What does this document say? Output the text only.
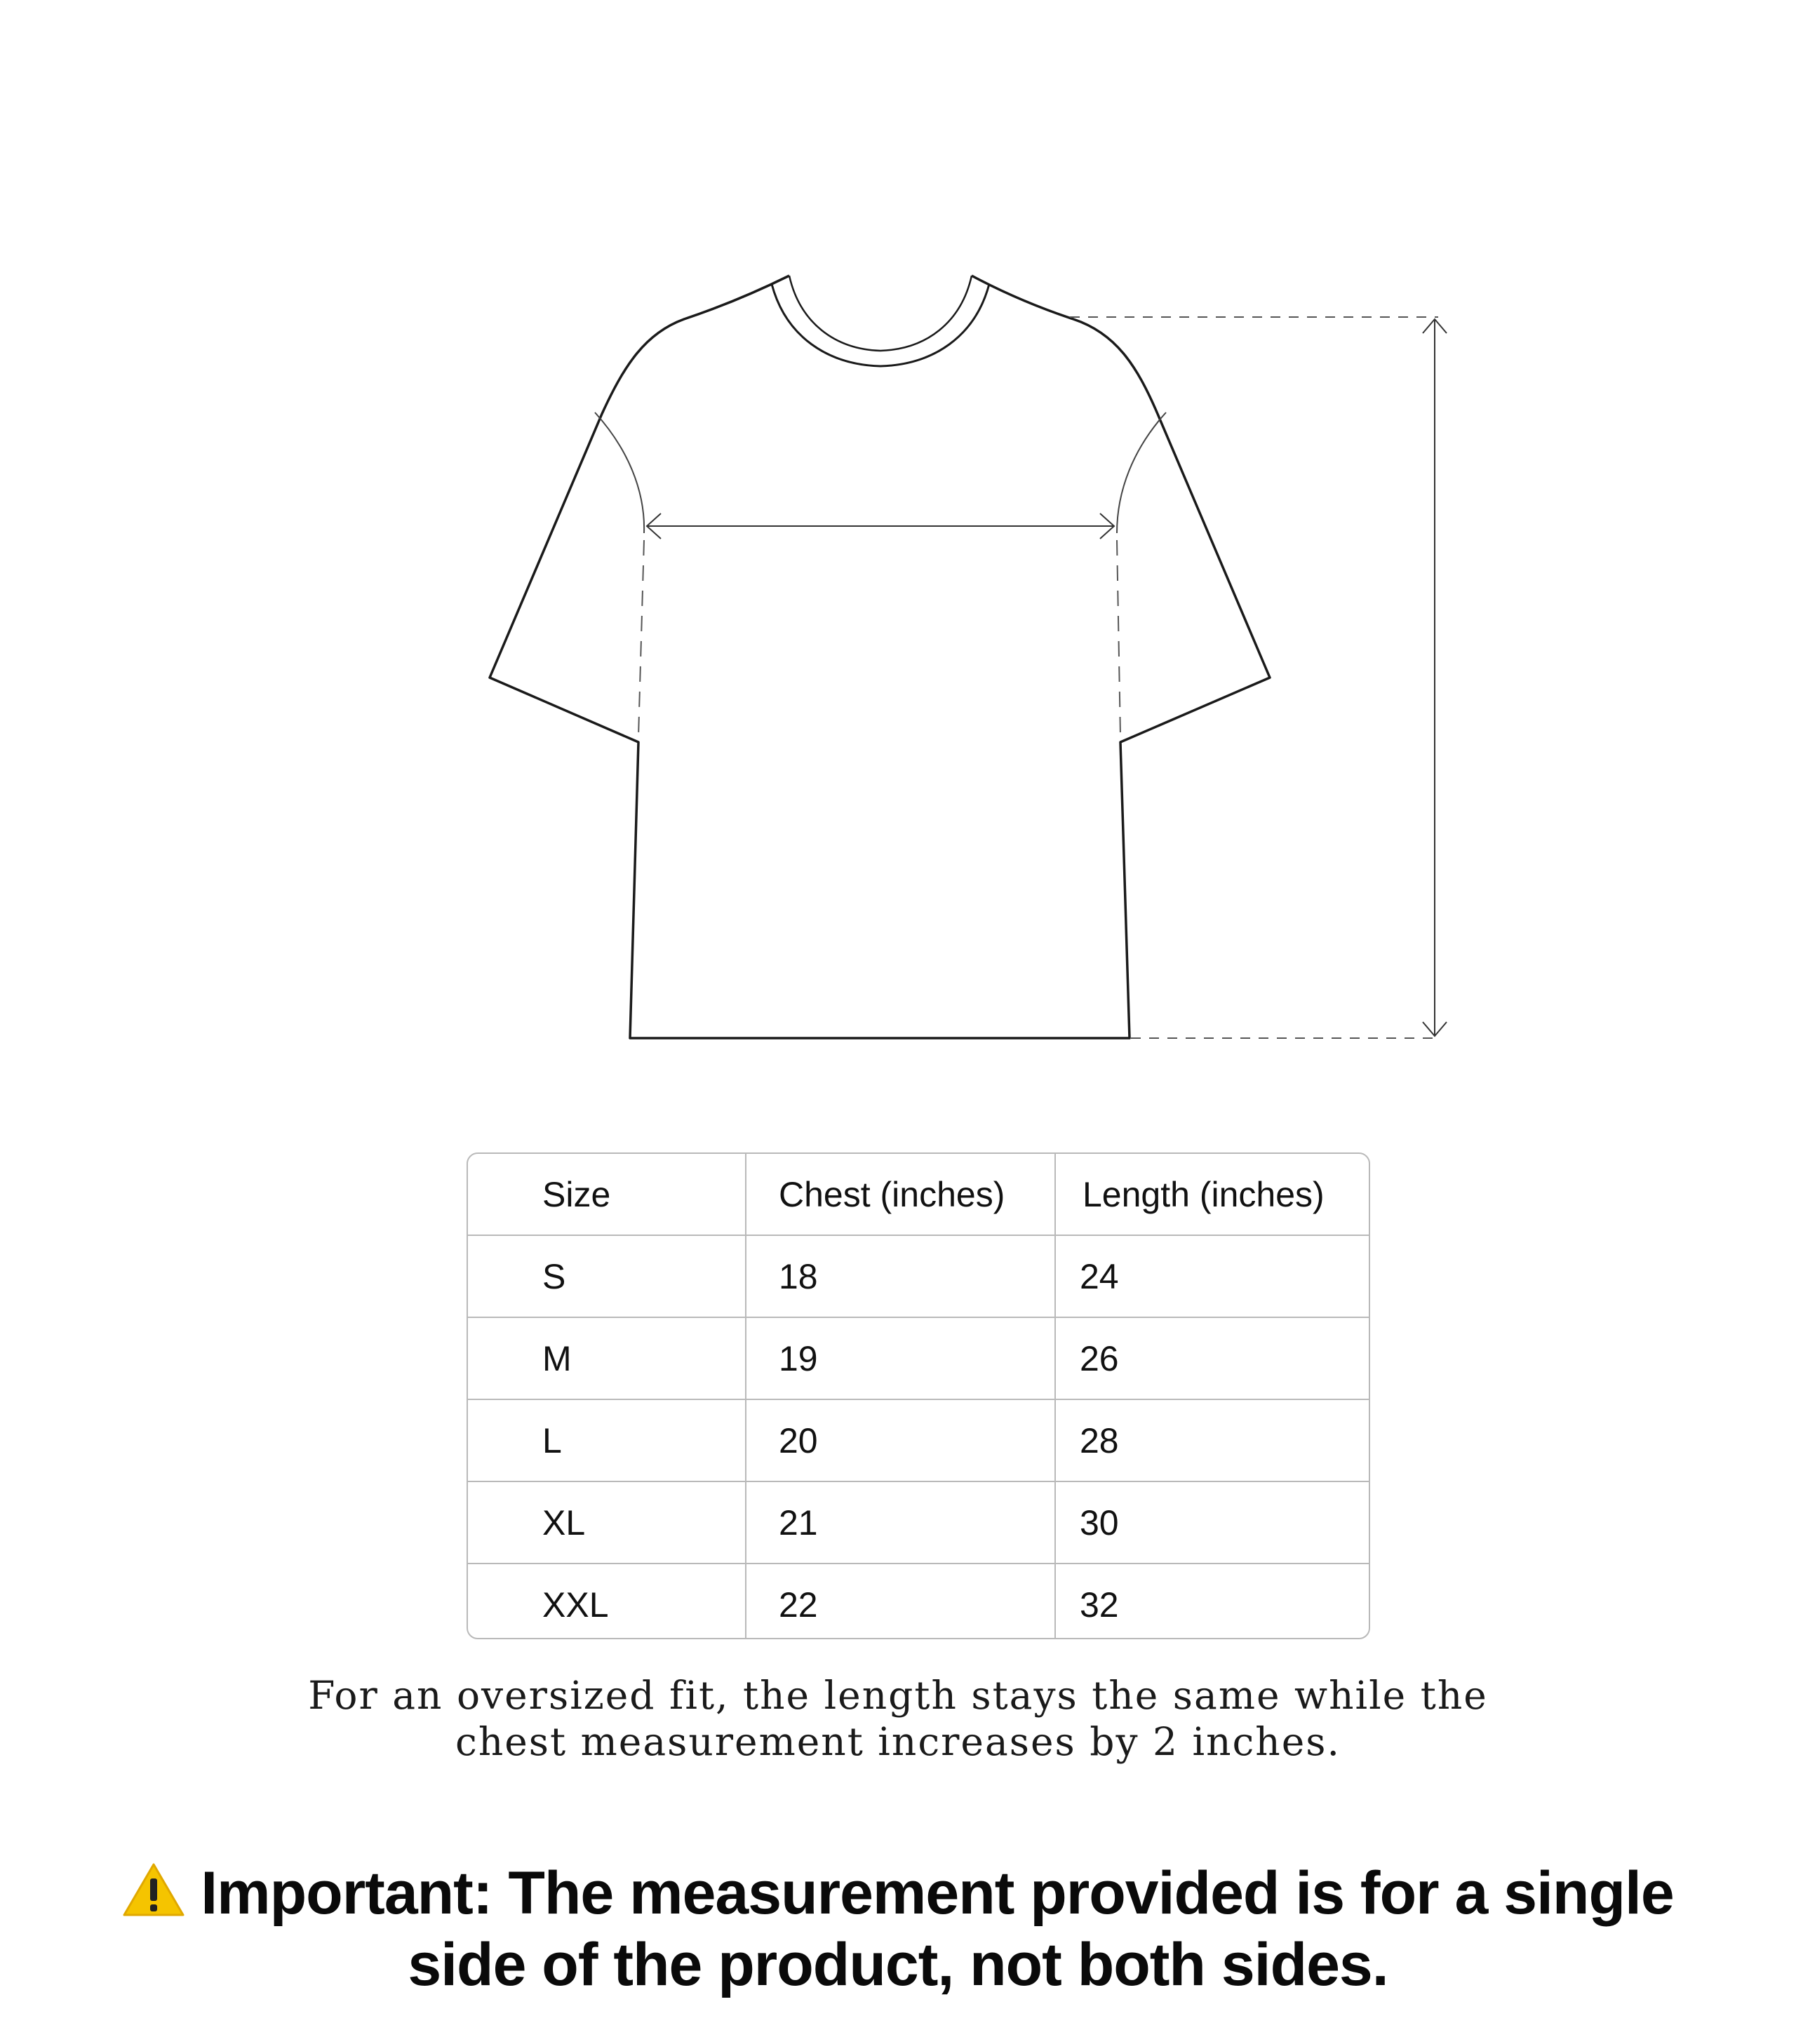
Size	Chest (inches)	Length (inches)
S	18	24
M	19	26
L	20	28
XL	21	30
XXL	22	32
For an oversized fit, the length stays the same while the
chest measurement increases by 2 inches.
Important: The measurement provided is for a single
side of the product, not both sides.
